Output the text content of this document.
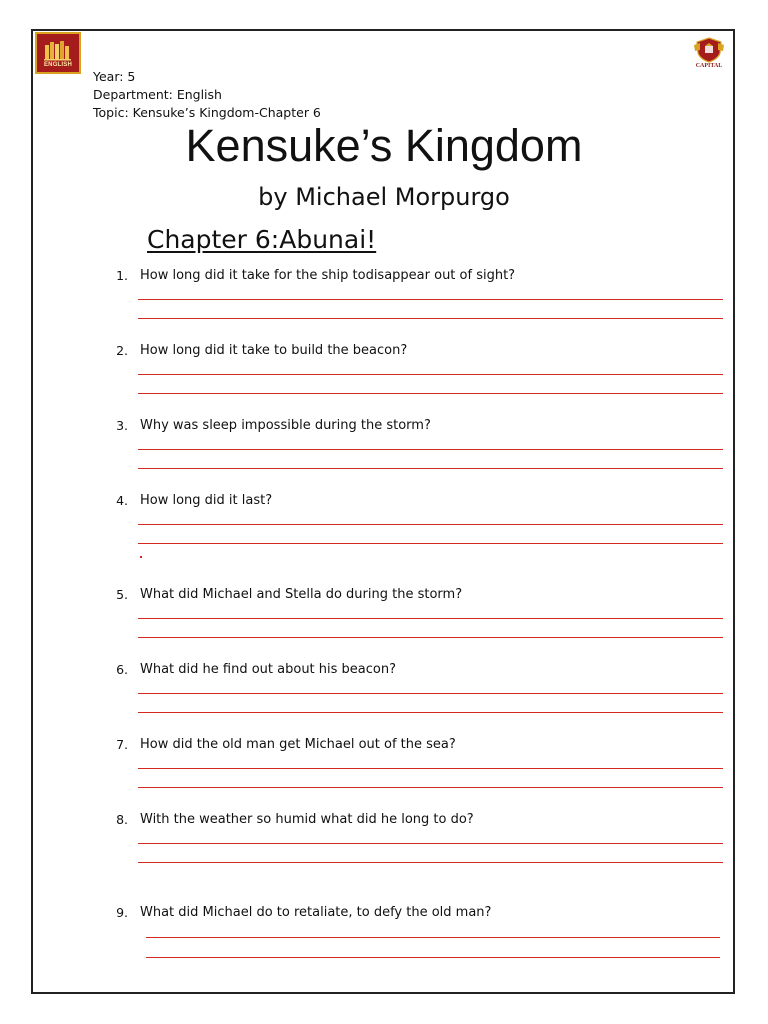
ENGLISH	CAPITAL
Year: 5
Department: English
Topic: Kensuke’s Kingdom-Chapter 6
Kensuke’s Kingdom
by Michael Morpurgo
Chapter 6:Abunai!
1. How long did it take for the ship todisappear out of sight?
2. How long did it take to build the beacon?
3. Why was sleep impossible during the storm?
4. How long did it last?
5. What did Michael and Stella do during the storm?
6. What did he find out about his beacon?
7. How did the old man get Michael out of the sea?
8. With the weather so humid what did he long to do?
9. What did Michael do to retaliate, to defy the old man?
